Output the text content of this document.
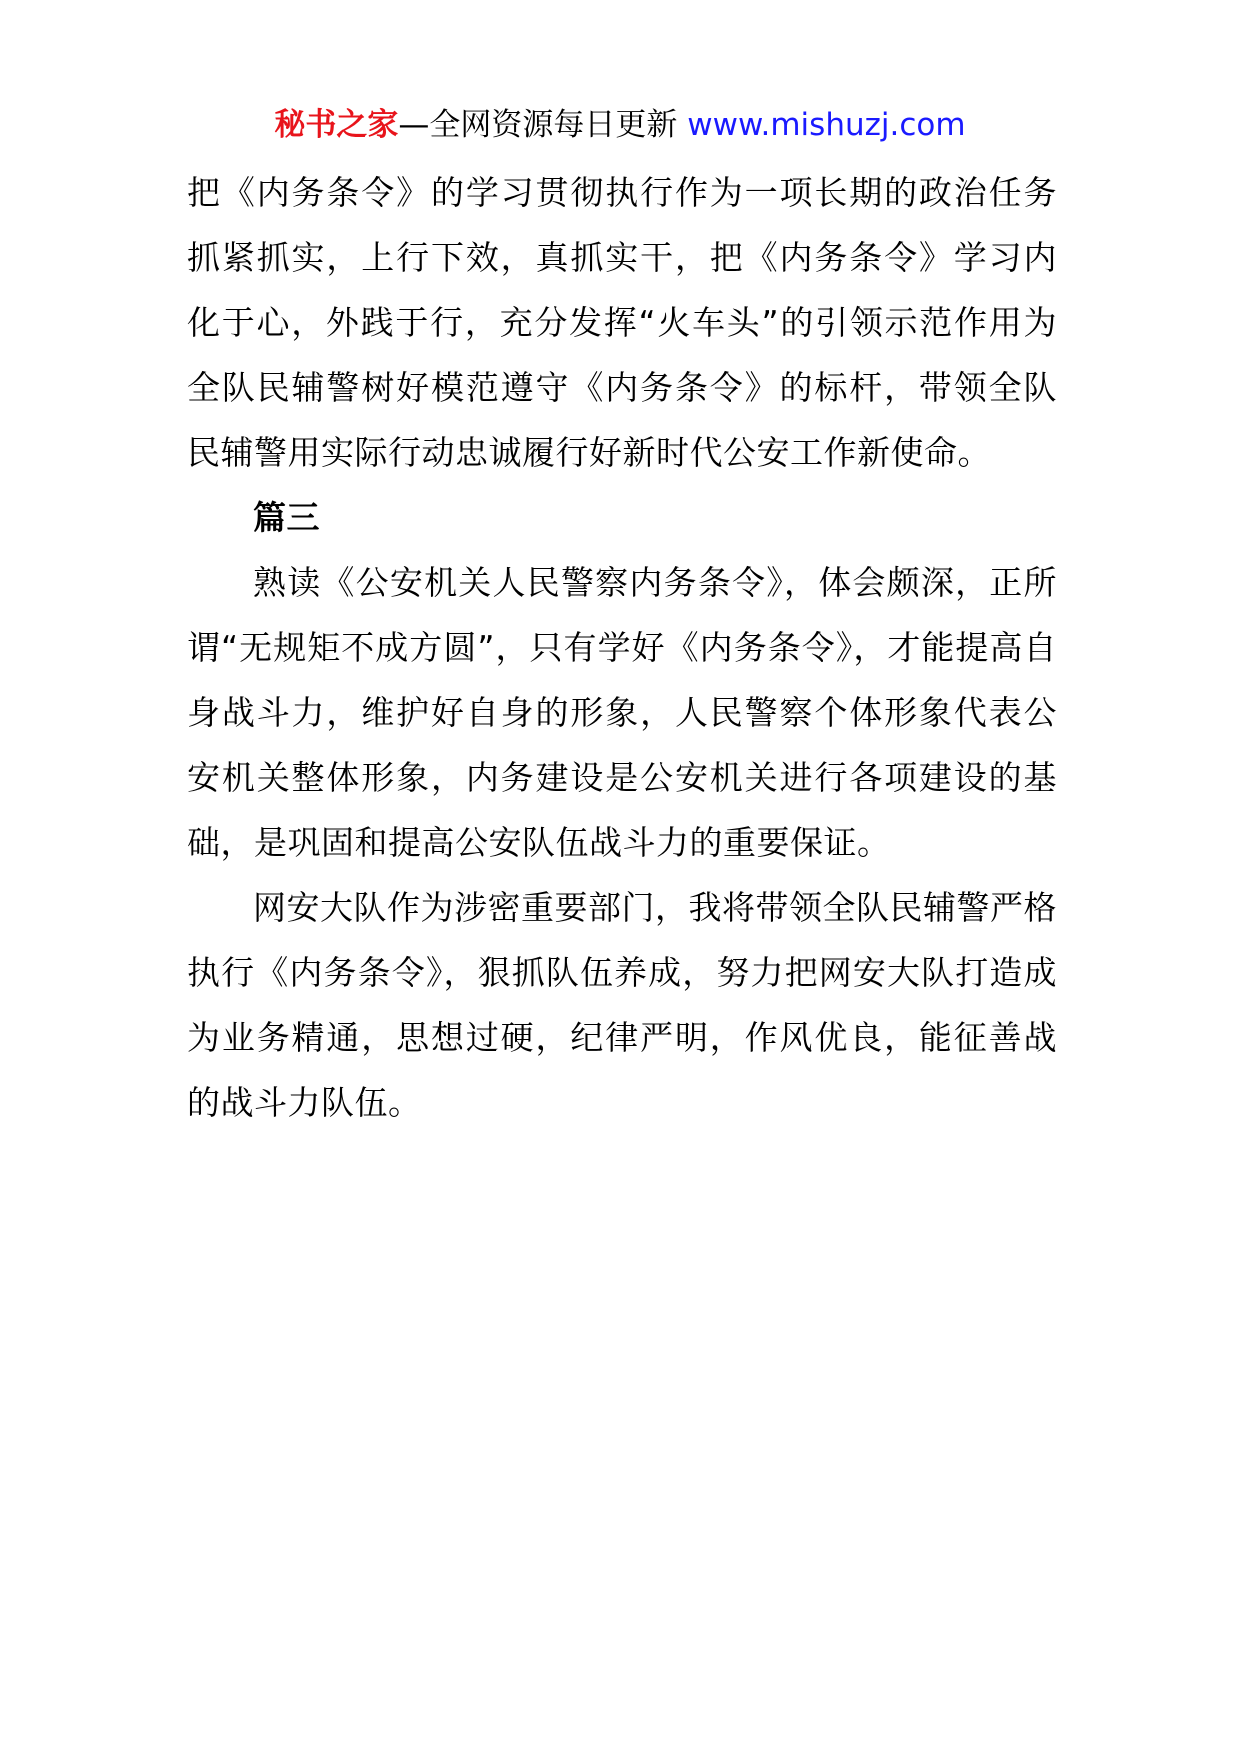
秘书之家—全网资源每日更新 www.mishuzj.com

把《内务条令》的学习贯彻执行作为一项长期的政治任务抓紧抓实，上行下效，真抓实干，把《内务条令》学习内化于心，外践于行，充分发挥“火车头”的引领示范作用为全队民辅警树好模范遵守《内务条令》的标杆，带领全队民辅警用实际行动忠诚履行好新时代公安工作新使命。

篇三

熟读《公安机关人民警察内务条令》，体会颇深，正所谓“无规矩不成方圆”，只有学好《内务条令》，才能提高自身战斗力，维护好自身的形象，人民警察个体形象代表公安机关整体形象，内务建设是公安机关进行各项建设的基础，是巩固和提高公安队伍战斗力的重要保证。

网安大队作为涉密重要部门，我将带领全队民辅警严格执行《内务条令》，狠抓队伍养成，努力把网安大队打造成为业务精通，思想过硬，纪律严明，作风优良，能征善战的战斗力队伍。
